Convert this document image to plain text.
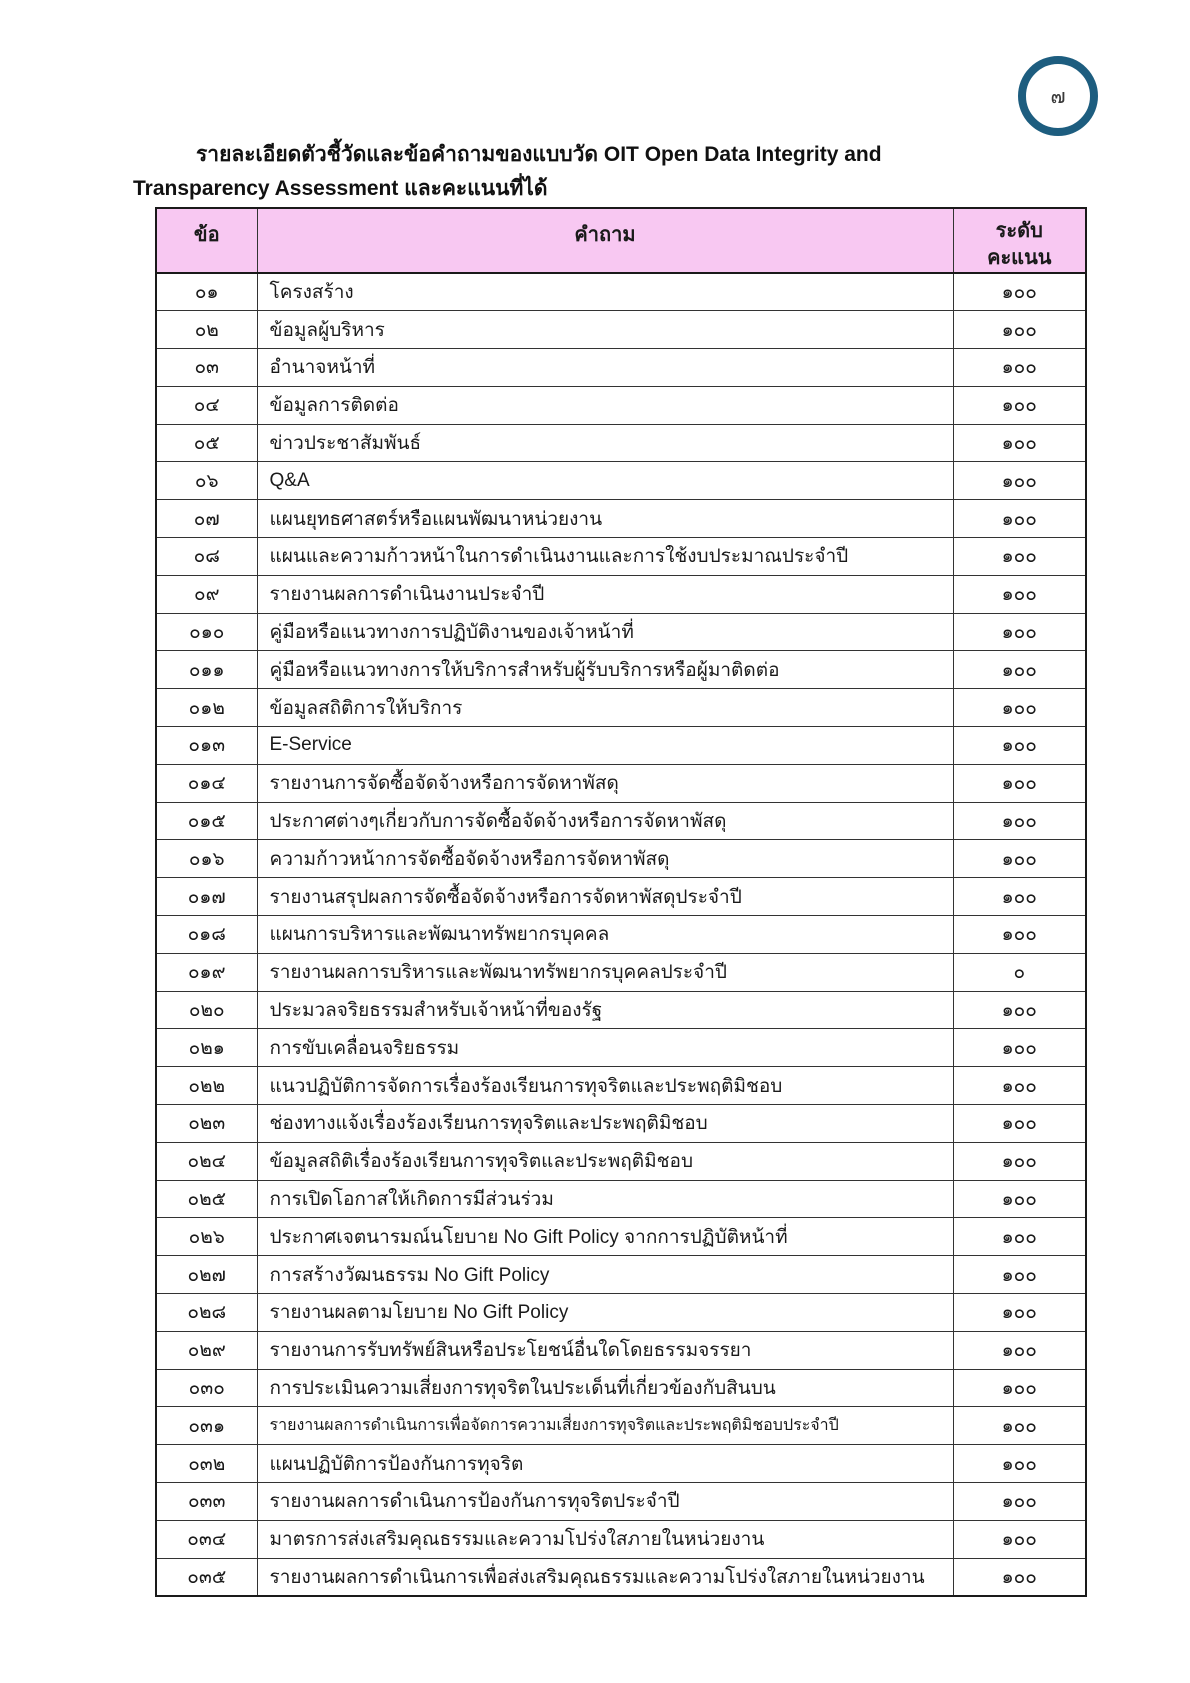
๗

รายละเอียดตัวชี้วัดและข้อคำถามของแบบวัด OIT Open Data Integrity and Transparency Assessment และคะแนนที่ได้

ข้อ	คำถาม	ระดับ
คะแนน

๐๑	โครงสร้าง	๑๐๐
๐๒	ข้อมูลผู้บริหาร	๑๐๐
๐๓	อำนาจหน้าที่	๑๐๐
๐๔	ข้อมูลการติดต่อ	๑๐๐
๐๕	ข่าวประชาสัมพันธ์	๑๐๐
๐๖	Q&A	๑๐๐
๐๗	แผนยุทธศาสตร์หรือแผนพัฒนาหน่วยงาน	๑๐๐
๐๘	แผนและความก้าวหน้าในการดำเนินงานและการใช้งบประมาณประจำปี	๑๐๐
๐๙	รายงานผลการดำเนินงานประจำปี	๑๐๐
๐๑๐	คู่มือหรือแนวทางการปฏิบัติงานของเจ้าหน้าที่	๑๐๐
๐๑๑	คู่มือหรือแนวทางการให้บริการสำหรับผู้รับบริการหรือผู้มาติดต่อ	๑๐๐
๐๑๒	ข้อมูลสถิติการให้บริการ	๑๐๐
๐๑๓	E-Service	๑๐๐
๐๑๔	รายงานการจัดซื้อจัดจ้างหรือการจัดหาพัสดุ	๑๐๐
๐๑๕	ประกาศต่างๆเกี่ยวกับการจัดซื้อจัดจ้างหรือการจัดหาพัสดุ	๑๐๐
๐๑๖	ความก้าวหน้าการจัดซื้อจัดจ้างหรือการจัดหาพัสดุ	๑๐๐
๐๑๗	รายงานสรุปผลการจัดซื้อจัดจ้างหรือการจัดหาพัสดุประจำปี	๑๐๐
๐๑๘	แผนการบริหารและพัฒนาทรัพยากรบุคคล	๑๐๐
๐๑๙	รายงานผลการบริหารและพัฒนาทรัพยากรบุคคลประจำปี	๐
๐๒๐	ประมวลจริยธรรมสำหรับเจ้าหน้าที่ของรัฐ	๑๐๐
๐๒๑	การขับเคลื่อนจริยธรรม	๑๐๐
๐๒๒	แนวปฏิบัติการจัดการเรื่องร้องเรียนการทุจริตและประพฤติมิชอบ	๑๐๐
๐๒๓	ช่องทางแจ้งเรื่องร้องเรียนการทุจริตและประพฤติมิชอบ	๑๐๐
๐๒๔	ข้อมูลสถิติเรื่องร้องเรียนการทุจริตและประพฤติมิชอบ	๑๐๐
๐๒๕	การเปิดโอกาสให้เกิดการมีส่วนร่วม	๑๐๐
๐๒๖	ประกาศเจตนารมณ์นโยบาย No Gift Policy จากการปฏิบัติหน้าที่	๑๐๐
๐๒๗	การสร้างวัฒนธรรม No Gift Policy	๑๐๐
๐๒๘	รายงานผลตามโยบาย No Gift Policy	๑๐๐
๐๒๙	รายงานการรับทรัพย์สินหรือประโยชน์อื่นใดโดยธรรมจรรยา	๑๐๐
๐๓๐	การประเมินความเสี่ยงการทุจริตในประเด็นที่เกี่ยวข้องกับสินบน	๑๐๐
๐๓๑	รายงานผลการดำเนินการเพื่อจัดการความเสี่ยงการทุจริตและประพฤติมิชอบประจำปี	๑๐๐
๐๓๒	แผนปฏิบัติการป้องกันการทุจริต	๑๐๐
๐๓๓	รายงานผลการดำเนินการป้องกันการทุจริตประจำปี	๑๐๐
๐๓๔	มาตรการส่งเสริมคุณธรรมและความโปร่งใสภายในหน่วยงาน	๑๐๐
๐๓๕	รายงานผลการดำเนินการเพื่อส่งเสริมคุณธรรมและความโปร่งใสภายในหน่วยงาน	๑๐๐
